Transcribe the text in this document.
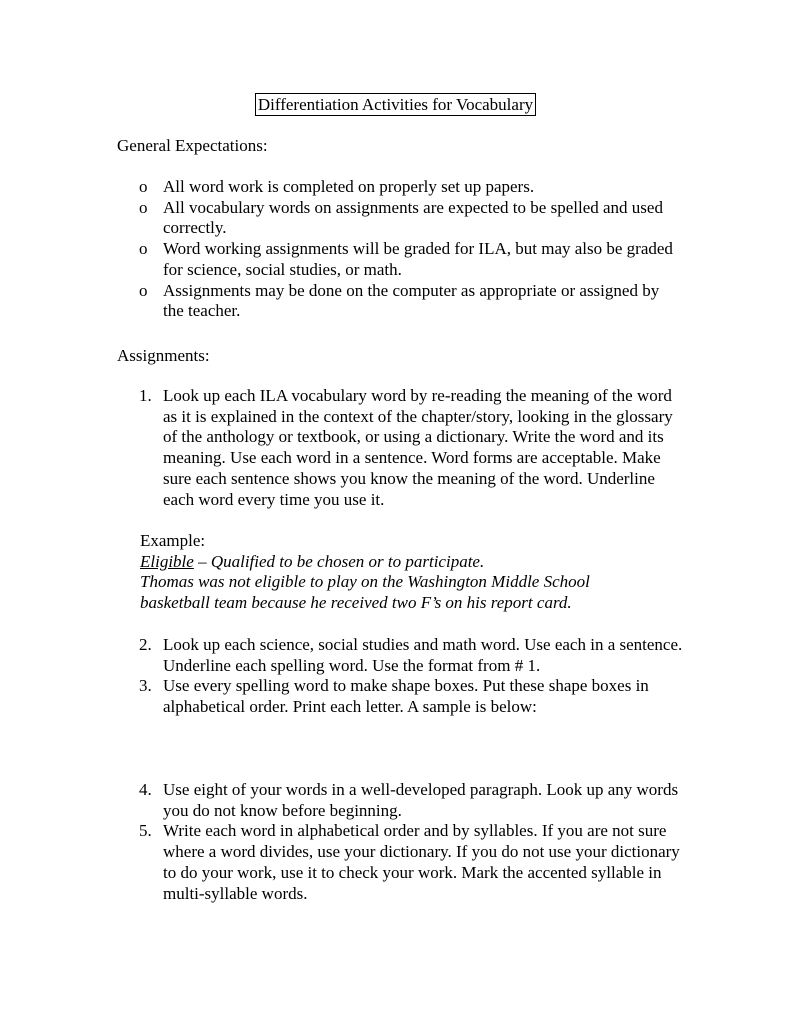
Differentiation Activities for Vocabulary
General Expectations:
o All word work is completed on properly set up papers.
o All vocabulary words on assignments are expected to be spelled and used correctly.
o Word working assignments will be graded for ILA, but may also be graded for science, social studies, or math.
o Assignments may be done on the computer as appropriate or assigned by the teacher.
Assignments:
1. Look up each ILA vocabulary word by re-reading the meaning of the word as it is explained in the context of the chapter/story, looking in the glossary of the anthology or textbook, or using a dictionary. Write the word and its meaning. Use each word in a sentence. Word forms are acceptable. Make sure each sentence shows you know the meaning of the word. Underline each word every time you use it.
Example:
Eligible – Qualified to be chosen or to participate.
Thomas was not eligible to play on the Washington Middle School basketball team because he received two F’s on his report card.
2. Look up each science, social studies and math word. Use each in a sentence. Underline each spelling word. Use the format from # 1.
3. Use every spelling word to make shape boxes. Put these shape boxes in alphabetical order. Print each letter. A sample is below:
4. Use eight of your words in a well-developed paragraph. Look up any words you do not know before beginning.
5. Write each word in alphabetical order and by syllables. If you are not sure where a word divides, use your dictionary. If you do not use your dictionary to do your work, use it to check your work. Mark the accented syllable in multi-syllable words.
